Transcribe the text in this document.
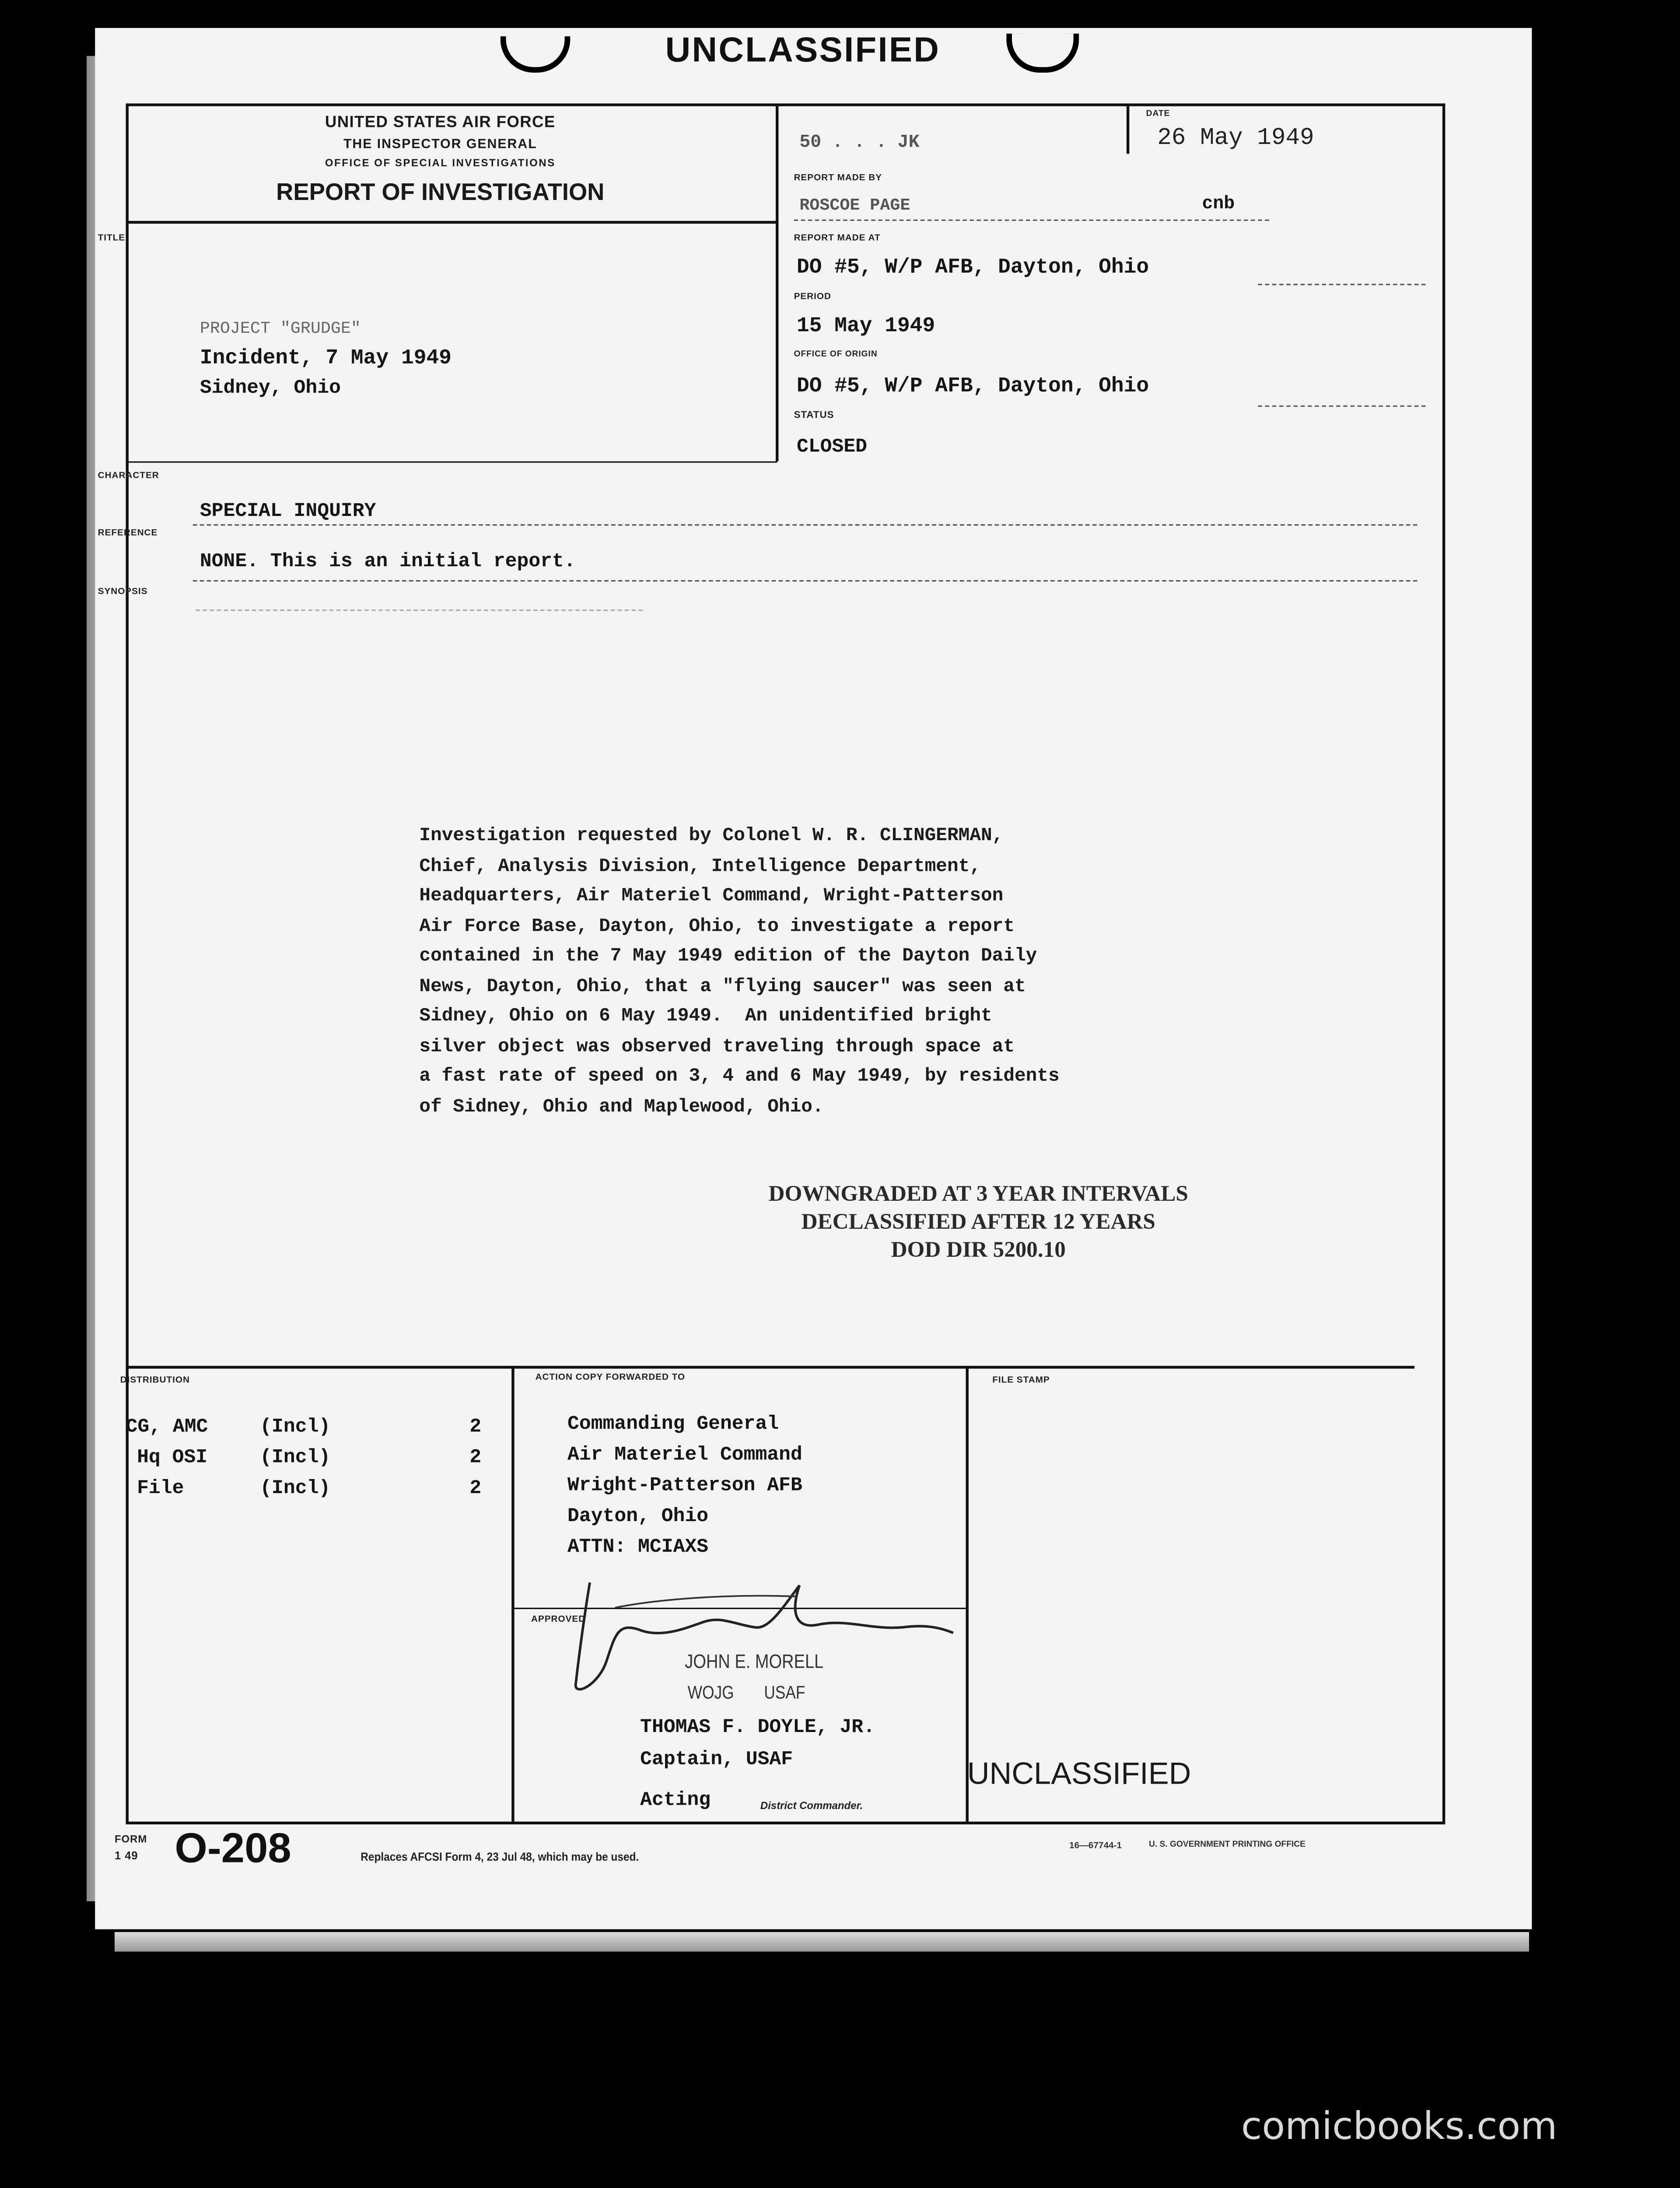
UNCLASSIFIED
UNITED STATES AIR FORCE
THE INSPECTOR GENERAL
OFFICE OF SPECIAL INVESTIGATIONS
REPORT OF INVESTIGATION
50 . . . JK
DATE
26 May 1949
REPORT MADE BY
ROSCOE PAGE	cnb
REPORT MADE AT
DO #5, W/P AFB, Dayton, Ohio
PERIOD
15 May 1949
OFFICE OF ORIGIN
DO #5, W/P AFB, Dayton, Ohio
STATUS
CLOSED
TITLE
PROJECT "GRUDGE"
Incident, 7 May 1949
Sidney, Ohio
CHARACTER
SPECIAL INQUIRY
REFERENCE
NONE. This is an initial report.
SYNOPSIS
Investigation requested by Colonel W. R. CLINGERMAN,
Chief, Analysis Division, Intelligence Department,
Headquarters, Air Materiel Command, Wright-Patterson
Air Force Base, Dayton, Ohio, to investigate a report
contained in the 7 May 1949 edition of the Dayton Daily
News, Dayton, Ohio, that a "flying saucer" was seen at
Sidney, Ohio on 6 May 1949.  An unidentified bright
silver object was observed traveling through space at
a fast rate of speed on 3, 4 and 6 May 1949, by residents
of Sidney, Ohio and Maplewood, Ohio.
DOWNGRADED AT 3 YEAR INTERVALS
DECLASSIFIED AFTER 12 YEARS
DOD DIR 5200.10
DISTRIBUTION
CG, AMC	(Incl)	2
Hq OSI	(Incl)	2
File	(Incl)	2
ACTION COPY FORWARDED TO
Commanding General
Air Materiel Command
Wright-Patterson AFB
Dayton, Ohio
ATTN: MCIAXS
APPROVED
JOHN E. MORELL
WOJG       USAF
THOMAS F. DOYLE, JR.
Captain, USAF
Acting	District Commander.
FILE STAMP
UNCLASSIFIED
FORM
1 49	O-208	Replaces AFCSI Form 4, 23 Jul 48, which may be used.
16—67744-1	U. S. GOVERNMENT PRINTING OFFICE
comicbooks.com
